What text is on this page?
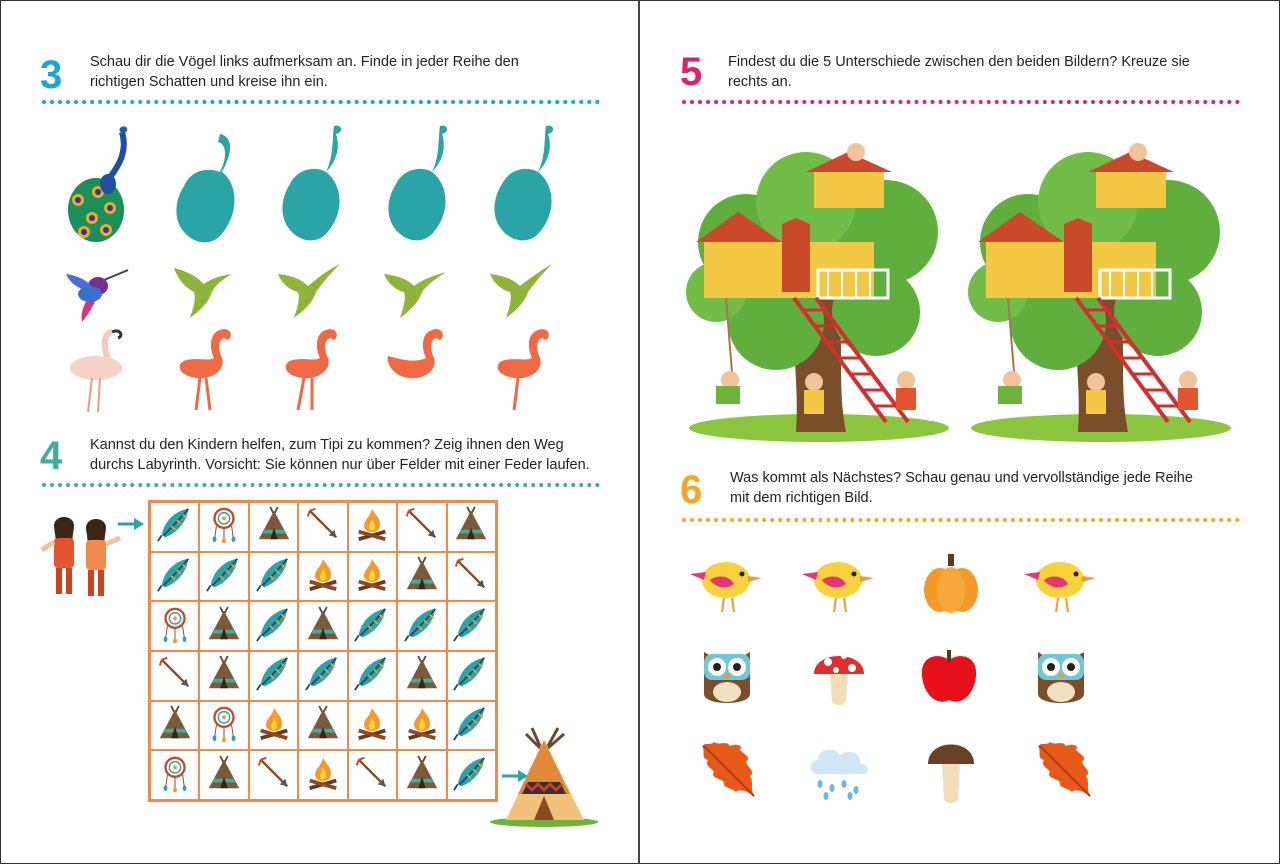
3 Schau dir die Vögel links aufmerksam an. Finde in jeder Reihe den
richtigen Schatten und kreise ihn ein.
4 Kannst du den Kindern helfen, zum Tipi zu kommen? Zeig ihnen den Weg
durchs Labyrinth. Vorsicht: Sie können nur über Felder mit einer Feder laufen.
5 Findest du die 5 Unterschiede zwischen den beiden Bildern? Kreuze sie
rechts an.
6 Was kommt als Nächstes? Schau genau und vervollständige jede Reihe
mit dem richtigen Bild.
